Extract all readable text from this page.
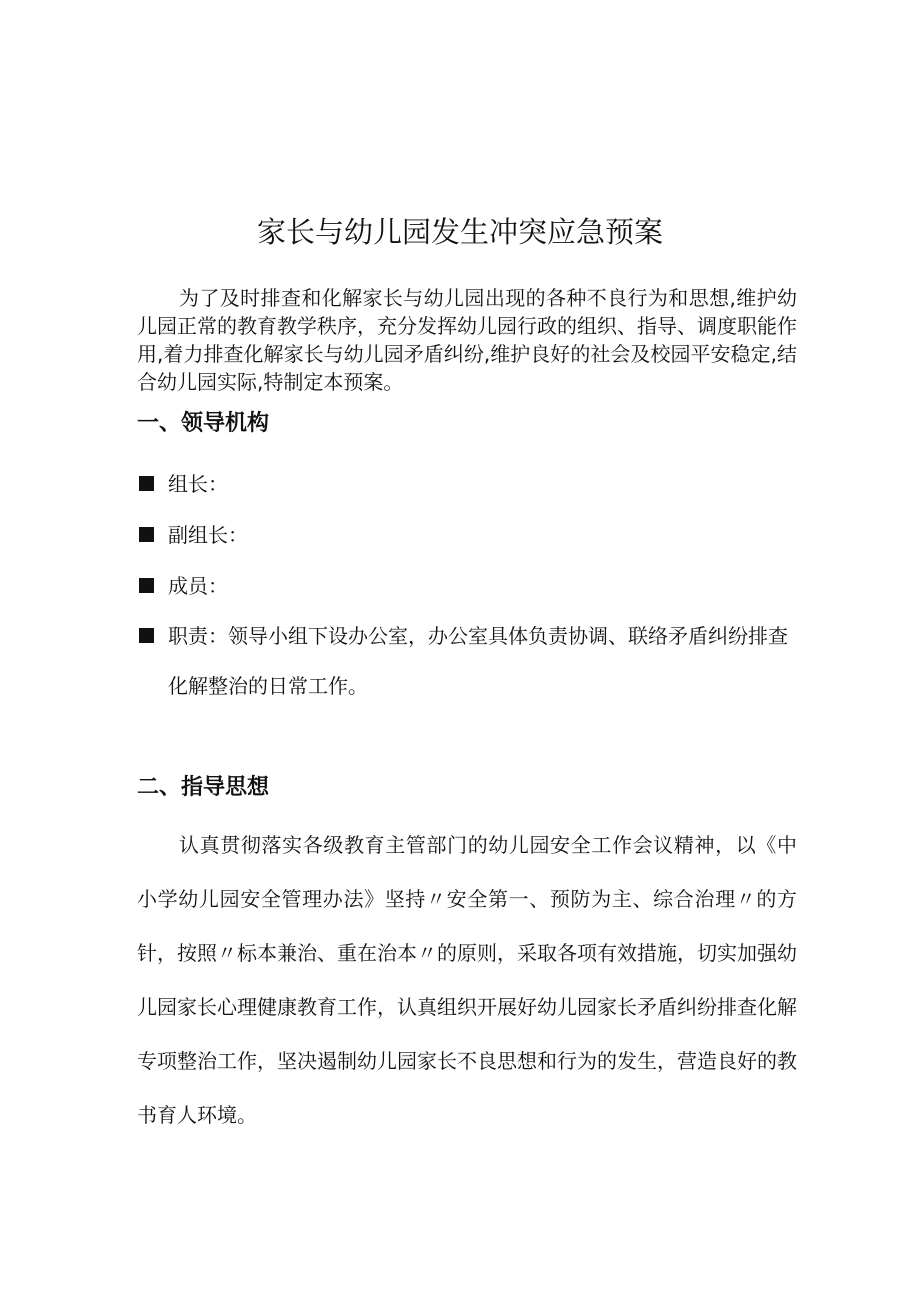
家长与幼儿园发生冲突应急预案

为了及时排查和化解家长与幼儿园出现的各种不良行为和思想,维护幼儿园正常的教育教学秩序，充分发挥幼儿园行政的组织、指导、调度职能作用,着力排查化解家长与幼儿园矛盾纠纷,维护良好的社会及校园平安稳定,结合幼儿园实际,特制定本预案。

一、领导机构
组长：
副组长：
成员：
职责：领导小组下设办公室，办公室具体负责协调、联络矛盾纠纷排查化解整治的日常工作。
二、指导思想

认真贯彻落实各级教育主管部门的幼儿园安全工作会议精神，以《中小学幼儿园安全管理办法》坚持〃安全第一、预防为主、综合治理〃的方针，按照〃标本兼治、重在治本〃的原则，采取各项有效措施，切实加强幼儿园家长心理健康教育工作，认真组织开展好幼儿园家长矛盾纠纷排查化解专项整治工作，坚决遏制幼儿园家长不良思想和行为的发生，营造良好的教书育人环境。
